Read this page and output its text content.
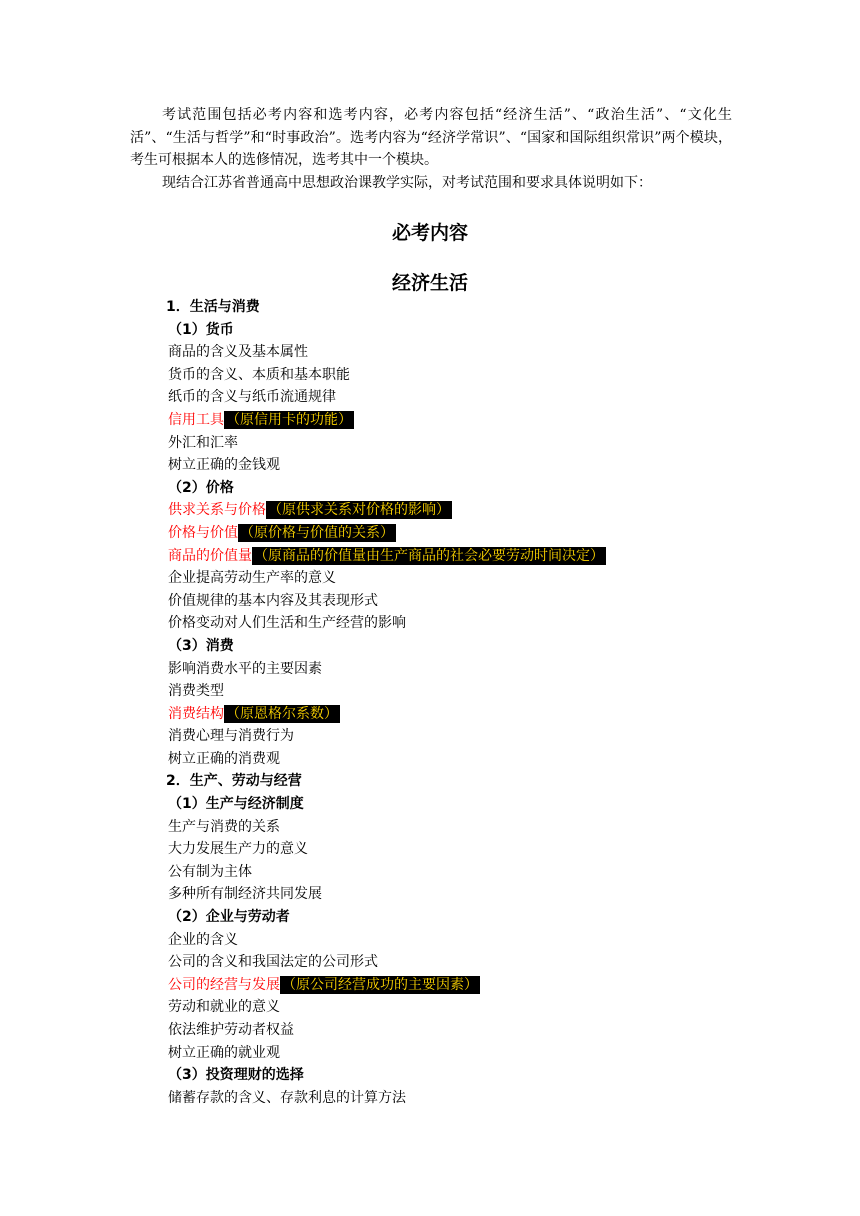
考试范围包括必考内容和选考内容，必考内容包括“经济生活”、“政治生活”、“文化生活”、“生活与哲学”和“时事政治”。选考内容为“经济学常识”、“国家和国际组织常识”两个模块，考生可根据本人的选修情况，选考其中一个模块。

现结合江苏省普通高中思想政治课教学实际，对考试范围和要求具体说明如下：

必考内容
经济生活
1．生活与消费
（1）货币
商品的含义及基本属性
货币的含义、本质和基本职能
纸币的含义与纸币流通规律
信用工具 （原信用卡的功能）
外汇和汇率
树立正确的金钱观
（2）价格
供求关系与价格 （原供求关系对价格的影响）
价格与价值 （原价格与价值的关系）
商品的价值量 （原商品的价值量由生产商品的社会必要劳动时间决定）
企业提高劳动生产率的意义
价值规律的基本内容及其表现形式
价格变动对人们生活和生产经营的影响
（3）消费
影响消费水平的主要因素
消费类型
消费结构 （原恩格尔系数）
消费心理与消费行为
树立正确的消费观
2．生产、劳动与经营
（1）生产与经济制度
生产与消费的关系
大力发展生产力的意义
公有制为主体
多种所有制经济共同发展
（2）企业与劳动者
企业的含义
公司的含义和我国法定的公司形式
公司的经营与发展 （原公司经营成功的主要因素）
劳动和就业的意义
依法维护劳动者权益
树立正确的就业观
（3）投资理财的选择
储蓄存款的含义、存款利息的计算方法
